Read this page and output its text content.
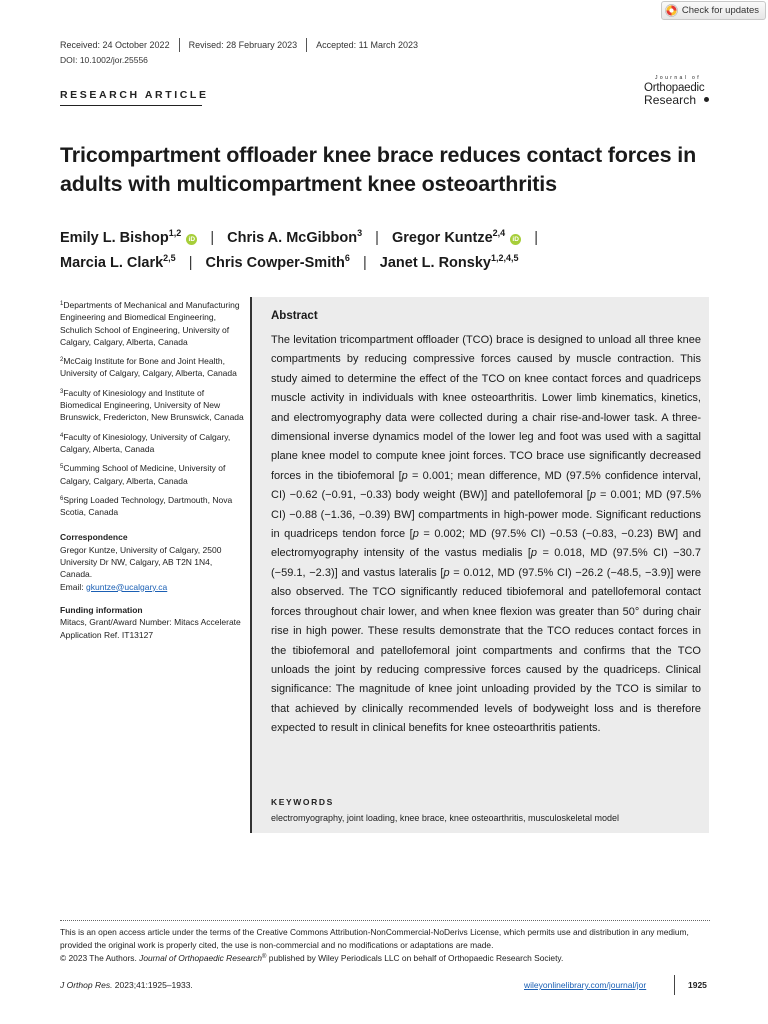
Check for updates
Received: 24 October 2022 Revised: 28 February 2023 Accepted: 11 March 2023
DOI: 10.1002/jor.25556
RESEARCH ARTICLE
Journal of
Orthopaedic
Research
Tricompartment offloader knee brace reduces contact forces in adults with multicompartment knee osteoarthritis
Emily L. Bishop$^{1,2}$iD | Chris A. McGibbon$^3$ | Gregor Kuntze$^{2,4}$iD |
Marcia L. Clark$^{2,5}$ | Chris Cowper-Smith$^6$ | Janet L. Ronsky$^{1,2,4,5}$
$^1$Departments of Mechanical and Manufacturing Engineering and Biomedical Engineering, Schulich School of Engineering, University of Calgary, Calgary, Alberta, Canada
$^2$McCaig Institute for Bone and Joint Health, University of Calgary, Calgary, Alberta, Canada
$^3$Faculty of Kinesiology and Institute of Biomedical Engineering, University of New Brunswick, Fredericton, New Brunswick, Canada
$^4$Faculty of Kinesiology, University of Calgary, Calgary, Alberta, Canada
$^5$Cumming School of Medicine, University of Calgary, Calgary, Alberta, Canada
$^6$Spring Loaded Technology, Dartmouth, Nova Scotia, Canada
Correspondence
Gregor Kuntze, University of Calgary, 2500 University Dr NW, Calgary, AB T2N 1N4, Canada.
Email: gkuntze@ucalgary.ca
Funding information
Mitacs, Grant/Award Number: Mitacs Accelerate Application Ref. IT13127
Abstract

The levitation tricompartment offloader (TCO) brace is designed to unload all three knee compartments by reducing compressive forces caused by muscle contraction. This study aimed to determine the effect of the TCO on knee contact forces and quadriceps muscle activity in individuals with knee osteoarthritis. Lower limb kinematics, kinetics, and electromyography data were collected during a chair rise-and-lower task. A three-dimensional inverse dynamics model of the lower leg and foot was used with a sagittal plane knee model to compute knee joint forces. TCO brace use significantly decreased forces in the tibiofemoral [p = 0.001; mean difference, MD (97.5% confidence interval, CI) −0.62 (−0.91, −0.33) body weight (BW)] and patellofemoral [p = 0.001; MD (97.5% CI) −0.88 (−1.36, −0.39) BW] compartments in high-power mode. Significant reductions in quadriceps tendon force [p = 0.002; MD (97.5% CI) −0.53 (−0.83, −0.23) BW] and electromyography intensity of the vastus medialis [p = 0.018, MD (97.5% CI) −30.7 (−59.1, −2.3)] and vastus lateralis [p = 0.012, MD (97.5% CI) −26.2 (−48.5, −3.9)] were also observed. The TCO significantly reduced tibiofemoral and patellofemoral contact forces throughout chair lower, and when knee flexion was greater than 50° during chair rise in high power. These results demonstrate that the TCO reduces contact forces in the tibiofemoral and patellofemoral joint compartments and confirms that the TCO unloads the joint by reducing compressive forces caused by the quadriceps. Clinical significance: The magnitude of knee joint unloading provided by the TCO is similar to that achieved by clinically recommended levels of bodyweight loss and is therefore expected to result in clinical benefits for knee osteoarthritis patients.

KEYWORDS
electromyography, joint loading, knee brace, knee osteoarthritis, musculoskeletal model
This is an open access article under the terms of the Creative Commons Attribution-NonCommercial-NoDerivs License, which permits use and distribution in any medium, provided the original work is properly cited, the use is non-commercial and no modifications or adaptations are made.
© 2023 The Authors. Journal of Orthopaedic Research® published by Wiley Periodicals LLC on behalf of Orthopaedic Research Society.
J Orthop Res. 2023;41:1925–1933.	wileyonlinelibrary.com/journal/jor	1925
